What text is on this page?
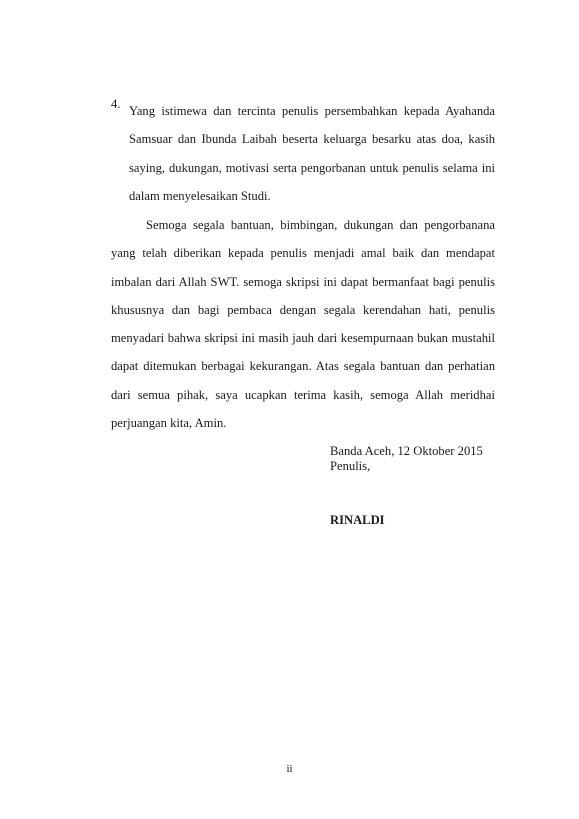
4. Yang istimewa dan tercinta penulis persembahkan kepada Ayahanda Samsuar dan Ibunda Laibah beserta keluarga besarku atas doa, kasih saying, dukungan, motivasi serta pengorbanan untuk penulis selama ini dalam menyelesaikan Studi.

Semoga segala bantuan, bimbingan, dukungan dan pengorbanana yang telah diberikan kepada penulis menjadi amal baik dan mendapat imbalan dari Allah SWT. semoga skripsi ini dapat bermanfaat bagi penulis khususnya dan bagi pembaca dengan segala kerendahan hati, penulis menyadari bahwa skripsi ini masih jauh dari kesempurnaan bukan mustahil dapat ditemukan berbagai kekurangan. Atas segala bantuan dan perhatian dari semua pihak, saya ucapkan terima kasih, semoga Allah meridhai perjuangan kita, Amin.

Banda Aceh, 12 Oktober 2015
Penulis,
RINALDI
ii
